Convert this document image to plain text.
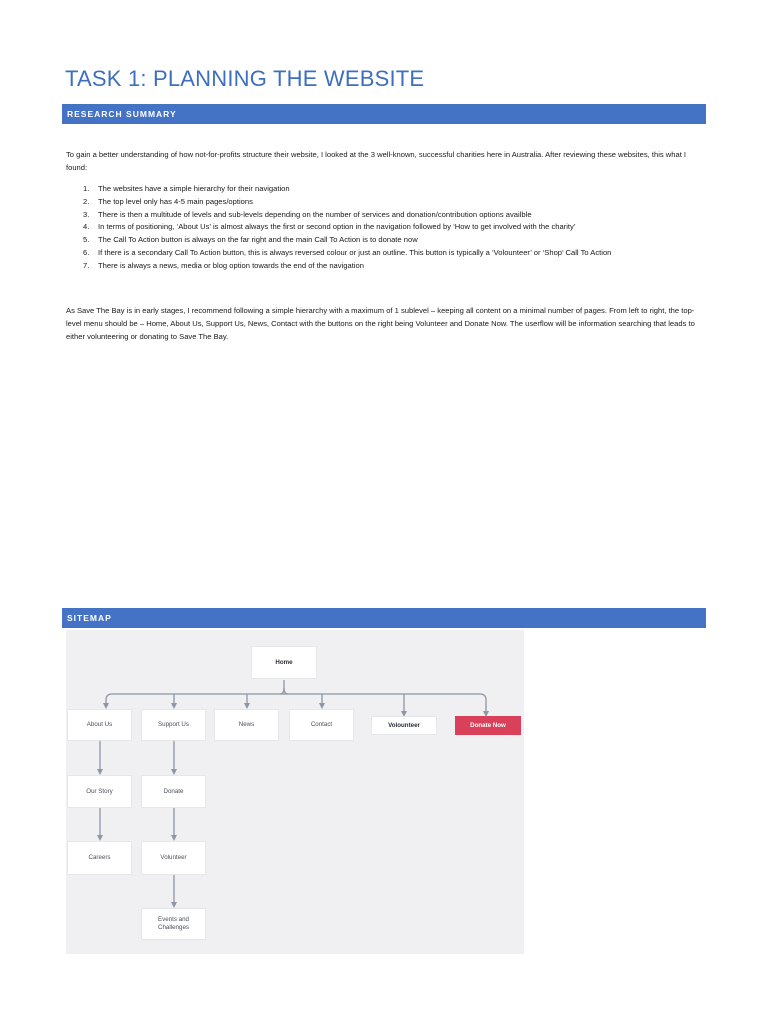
TASK 1: PLANNING THE WEBSITE
RESEARCH SUMMARY

To gain a better understanding of how not-for-profits structure their website, I looked at the 3 well-known, successful charities here in Australia. After reviewing these websites, this what I found:

1. The websites have a simple hierarchy for their navigation
2. The top level only has 4-5 main pages/options
3. There is then a multitude of levels and sub-levels depending on the number of services and donation/contribution options availble
4. In terms of positioning, ‘About Us’ is almost always the first or second option in the navigation followed by ‘How to get involved with the charity’
5. The Call To Action button is always on the far right and the main Call To Action is to donate now
6. If there is a secondary Call To Action button, this is always reversed colour or just an outline. This button is typically a ‘Volounteer’ or ‘Shop’ Call To Action
7. There is always a news, media or blog option towards the end of the navigation

As Save The Bay is in early stages, I recommend following a simple hierarchy with a maximum of 1 sublevel – keeping all content on a minimal number of pages. From left to right, the top-level menu should be – Home, About Us, Support Us, News, Contact with the buttons on the right being Volunteer and Donate Now. The userflow will be information searching that leads to either volunteering or donating to Save The Bay.

SITEMAP
Home
About Us	Support Us	News	Contact	Volounteer	Donate Now
Our Story
Careers
Donate
Volunteer
Events and Challenges
